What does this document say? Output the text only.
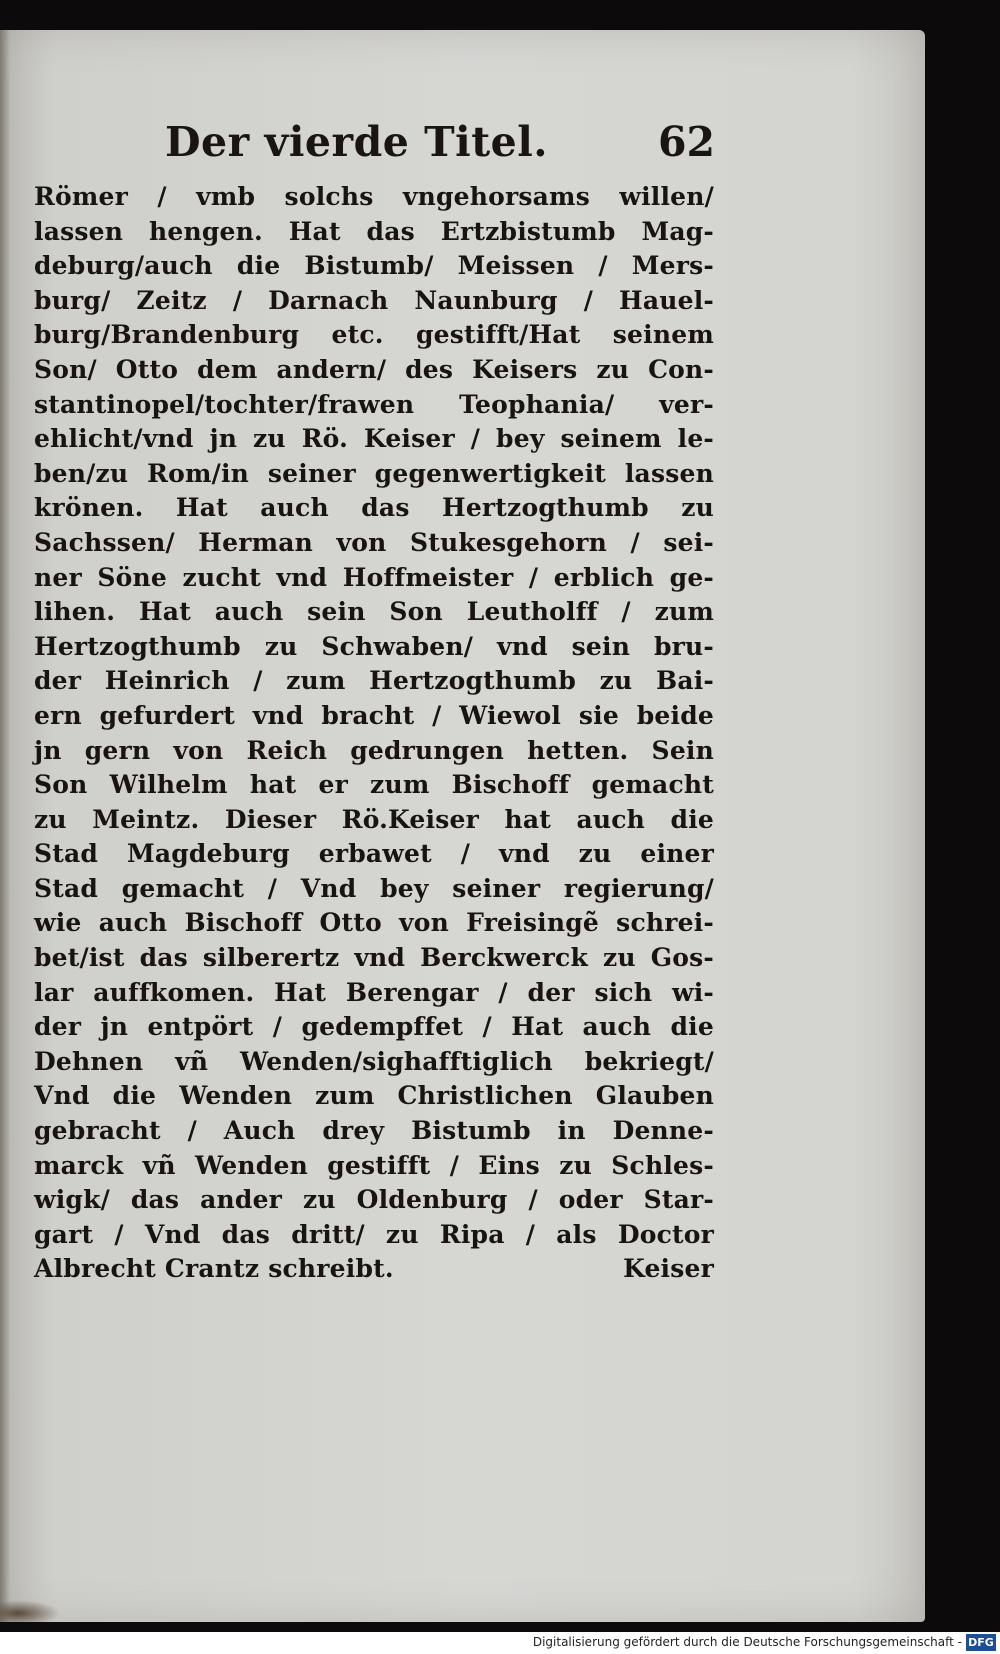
Der vierde Titel.	62
Römer / vmb solchs vngehorsams willen/
lassen hengen. Hat das Ertzbistumb Mag-
deburg/auch die Bistumb/ Meissen / Mers-
burg/ Zeitz / Darnach Naunburg / Hauel-
burg/Brandenburg etc. gestifft/Hat seinem
Son/ Otto dem andern/ des Keisers zu Con-
stantinopel/tochter/frawen Teophania/ ver-
ehlicht/vnd jn zu Rö. Keiser / bey seinem le-
ben/zu Rom/in seiner gegenwertigkeit lassen
krönen. Hat auch das Hertzogthumb zu
Sachssen/ Herman von Stukesgehorn / sei-
ner Söne zucht vnd Hoffmeister / erblich ge-
lihen. Hat auch sein Son Leutholff / zum
Hertzogthumb zu Schwaben/ vnd sein bru-
der Heinrich / zum Hertzogthumb zu Bai-
ern gefurdert vnd bracht / Wiewol sie beide
jn gern von Reich gedrungen hetten. Sein
Son Wilhelm hat er zum Bischoff gemacht
zu Meintz. Dieser Rö.Keiser hat auch die
Stad Magdeburg erbawet / vnd zu einer
Stad gemacht / Vnd bey seiner regierung/
wie auch Bischoff Otto von Freisingẽ schrei-
bet/ist das silberertz vnd Berckwerck zu Gos-
lar auffkomen. Hat Berengar / der sich wi-
der jn entpört / gedempffet / Hat auch die
Dehnen vñ Wenden/sighafftiglich bekriegt/
Vnd die Wenden zum Christlichen Glauben
gebracht / Auch drey Bistumb in Denne-
marck vñ Wenden gestifft / Eins zu Schles-
wigk/ das ander zu Oldenburg / oder Star-
gart / Vnd das dritt/ zu Ripa / als Doctor
Albrecht Crantz schreibt.	Keiser
Digitalisierung gefördert durch die Deutsche Forschungsgemeinschaft - DFG
